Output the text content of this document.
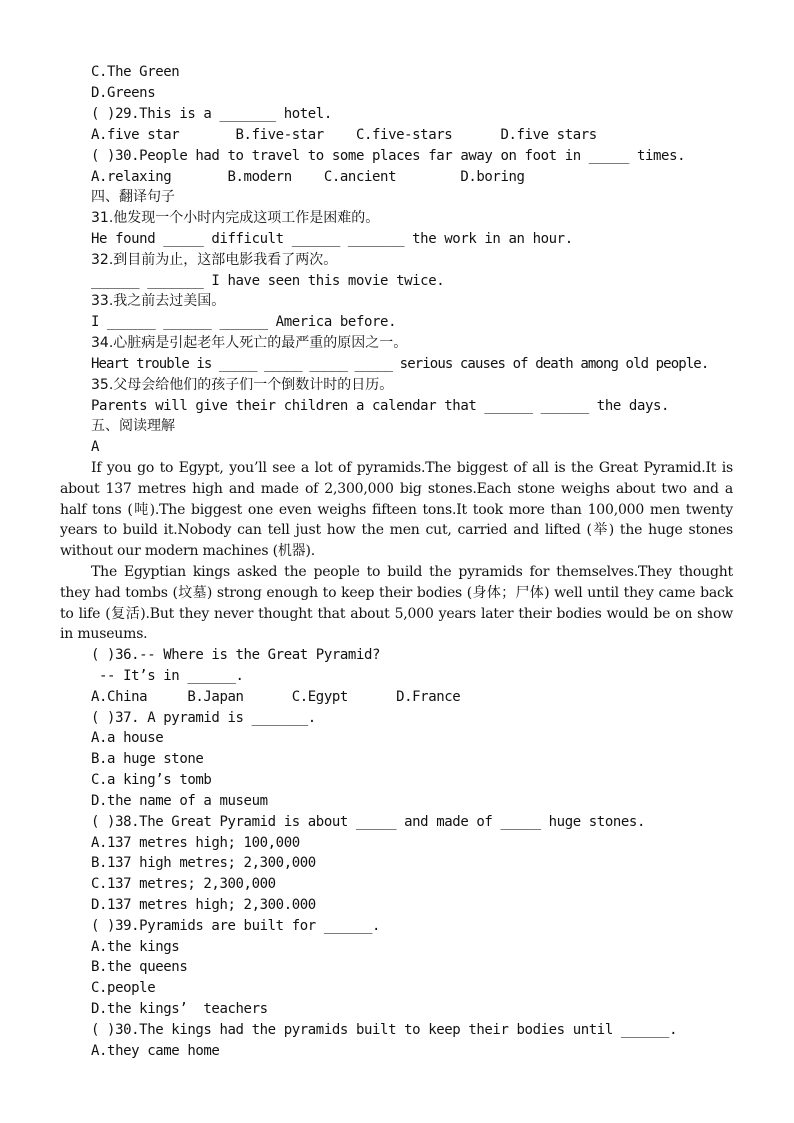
C.The Green
D.Greens
( )29.This is a _______ hotel.
A.five star       B.five-star    C.five-stars      D.five stars
( )30.People had to travel to some places far away on foot in _____ times.
A.relaxing       B.modern    C.ancient        D.boring
四、翻译句子
31.他发现一个小时内完成这项工作是困难的。
He found _____ difficult ______ _______ the work in an hour.
32.到目前为止，这部电影我看了两次。
______ _______ I have seen this movie twice.
33.我之前去过美国。
I ______ ______ ______ America before.
34.心脏病是引起老年人死亡的最严重的原因之一。
Heart trouble is _____ _____ _____ _____ serious causes of death among old people.
35.父母会给他们的孩子们一个倒数计时的日历。
Parents will give their children a calendar that ______ ______ the days.
五、阅读理解
A

If you go to Egypt, you’ll see a lot of pyramids.The biggest of all is the Great Pyramid.It is about 137 metres high and made of 2,300,000 big stones.Each stone weighs about two and a half tons (吨).The biggest one even weighs fifteen tons.It took more than 100,000 men twenty years to build it.Nobody can tell just how the men cut, carried and lifted (举) the huge stones without our modern machines (机器).

The Egyptian kings asked the people to build the pyramids for themselves.They thought they had tombs (坟墓) strong enough to keep their bodies (身体；尸体) well until they came back to life (复活).But they never thought that about 5,000 years later their bodies would be on show in museums.

( )36.-- Where is the Great Pyramid?
-- It’s in ______.
A.China     B.Japan      C.Egypt      D.France
( )37. A pyramid is _______.
A.a house
B.a huge stone
C.a king’s tomb
D.the name of a museum
( )38.The Great Pyramid is about _____ and made of _____ huge stones.
A.137 metres high; 100,000
B.137 high metres; 2,300,000
C.137 metres; 2,300,000
D.137 metres high; 2,300.000
( )39.Pyramids are built for ______.
A.the kings
B.the queens
C.people
D.the kings’  teachers
( )30.The kings had the pyramids built to keep their bodies until ______.
A.they came home
